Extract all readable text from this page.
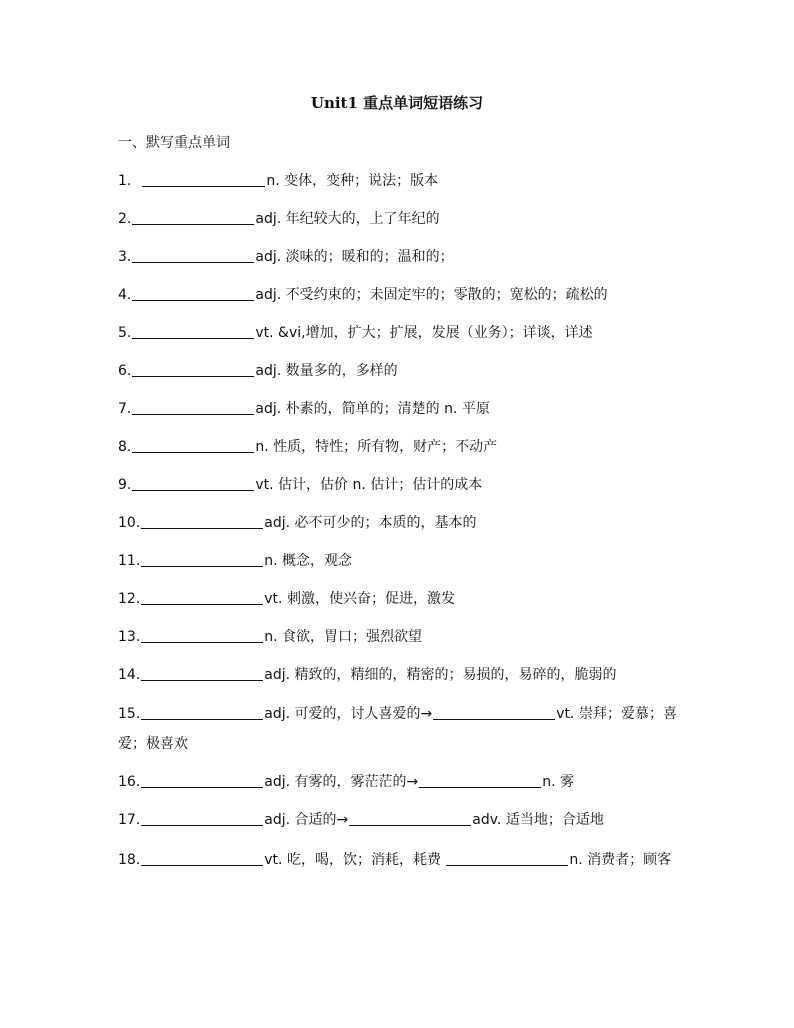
Unit1 重点单词短语练习
一、默写重点单词
1.	n. 变体，变种；说法；版本
2.	adj. 年纪较大的，上了年纪的
3.	adj. 淡味的；暖和的；温和的；
4.	adj. 不受约束的；未固定牢的；零散的；宽松的；疏松的
5.	vt. &vi,增加，扩大；扩展，发展（业务）；详谈，详述
6.	adj. 数量多的，多样的
7.	adj. 朴素的，简单的；清楚的 n. 平原
8.	n. 性质，特性；所有物，财产；不动产
9.	vt. 估计，估价 n. 估计；估计的成本
10.	adj. 必不可少的；本质的，基本的
11.	n. 概念，观念
12.	vt. 刺激，使兴奋；促进，激发
13.	n. 食欲，胃口；强烈欲望
14.	adj. 精致的，精细的，精密的；易损的，易碎的，脆弱的
15.	adj. 可爱的，讨人喜爱的→	vt. 崇拜；爱慕；喜爱；极喜欢
16.	adj. 有雾的，雾茫茫的→	n. 雾
17.	adj. 合适的→	adv. 适当地；合适地
18.	vt. 吃，喝，饮；消耗，耗费	n. 消费者；顾客
